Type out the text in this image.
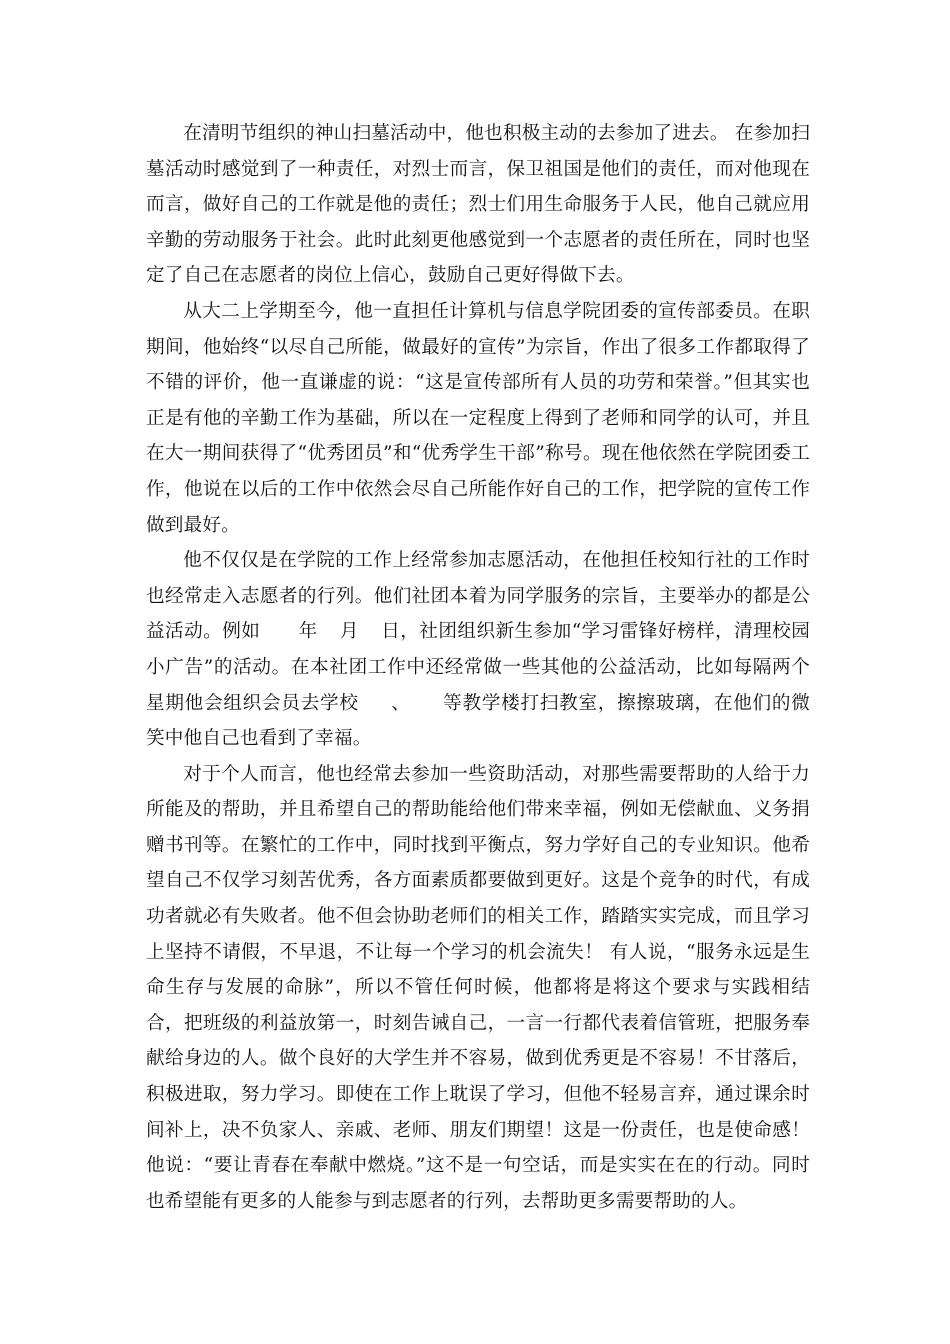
在清明节组织的神山扫墓活动中，他也积极主动的去参加了进去。 在参加扫墓活动时感觉到了一种责任，对烈士而言，保卫祖国是他们的责任，而对他现在而言，做好自己的工作就是他的责任；烈士们用生命服务于人民，他自己就应用辛勤的劳动服务于社会。此时此刻更他感觉到一个志愿者的责任所在，同时也坚定了自己在志愿者的岗位上信心，鼓励自己更好得做下去。

从大二上学期至今，他一直担任计算机与信息学院团委的宣传部委员。在职期间，他始终“以尽自己所能，做最好的宣传”为宗旨，作出了很多工作都取得了不错的评价，他一直谦虚的说：“这是宣传部所有人员的功劳和荣誉。”但其实也正是有他的辛勤工作为基础，所以在一定程度上得到了老师和同学的认可，并且在大一期间获得了“优秀团员”和“优秀学生干部”称号。现在他依然在学院团委工作，他说在以后的工作中依然会尽自己所能作好自己的工作，把学院的宣传工作做到最好。

他不仅仅是在学院的工作上经常参加志愿活动，在他担任校知行社的工作时也经常走入志愿者的行列。他们社团本着为同学服务的宗旨，主要举办的都是公益活动。例如 年 月 日，社团组织新生参加“学习雷锋好榜样，清理校园小广告”的活动。在本社团工作中还经常做一些其他的公益活动，比如每隔两个星期他会组织会员去学校 、 等教学楼打扫教室，擦擦玻璃，在他们的微笑中他自己也看到了幸福。

对于个人而言，他也经常去参加一些资助活动，对那些需要帮助的人给于力所能及的帮助，并且希望自己的帮助能给他们带来幸福，例如无偿献血、义务捐赠书刊等。在繁忙的工作中，同时找到平衡点，努力学好自己的专业知识。他希望自己不仅学习刻苦优秀，各方面素质都要做到更好。这是个竞争的时代，有成功者就必有失败者。他不但会协助老师们的相关工作，踏踏实实完成，而且学习上坚持不请假，不早退，不让每一个学习的机会流失！ 有人说，“服务永远是生命生存与发展的命脉”，所以不管任何时候，他都将是将这个要求与实践相结合，把班级的利益放第一，时刻告诫自己，一言一行都代表着信管班，把服务奉献给身边的人。做个良好的大学生并不容易，做到优秀更是不容易！不甘落后，积极进取，努力学习。即使在工作上耽误了学习，但他不轻易言弃，通过课余时间补上，决不负家人、亲戚、老师、朋友们期望！这是一份责任，也是使命感！ 他说：“要让青春在奉献中燃烧。”这不是一句空话，而是实实在在的行动。同时也希望能有更多的人能参与到志愿者的行列，去帮助更多需要帮助的人。
